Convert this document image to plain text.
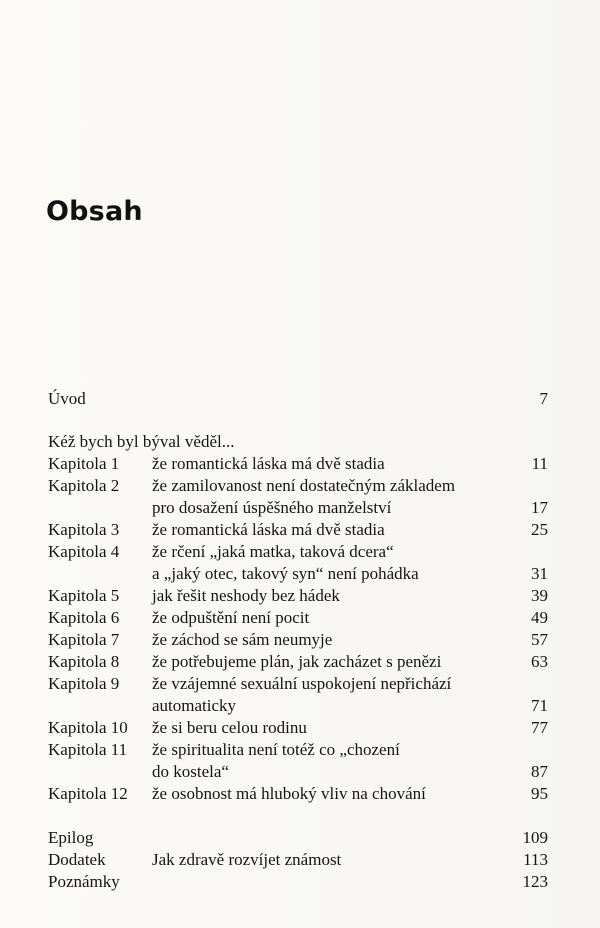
Obsah
Úvod	7
Kéž bych byl býval věděl...
Kapitola 1 že romantická láska má dvě stadia	11
Kapitola 2 že zamilovanost není dostatečným základem
pro dosažení úspěšného manželství	17
Kapitola 3 že romantická láska má dvě stadia	25
Kapitola 4 že rčení „jaká matka, taková dcera“
a „jaký otec, takový syn“ není pohádka	31
Kapitola 5 jak řešit neshody bez hádek	39
Kapitola 6 že odpuštění není pocit	49
Kapitola 7 že záchod se sám neumyje	57
Kapitola 8 že potřebujeme plán, jak zacházet s penězi	63
Kapitola 9 že vzájemné sexuální uspokojení nepřichází
automaticky	71
Kapitola 10 že si beru celou rodinu	77
Kapitola 11 že spiritualita není totéž co „chození
do kostela“	87
Kapitola 12 že osobnost má hluboký vliv na chování	95
Epilog	109
Dodatek	Jak zdravě rozvíjet známost	113
Poznámky	123
